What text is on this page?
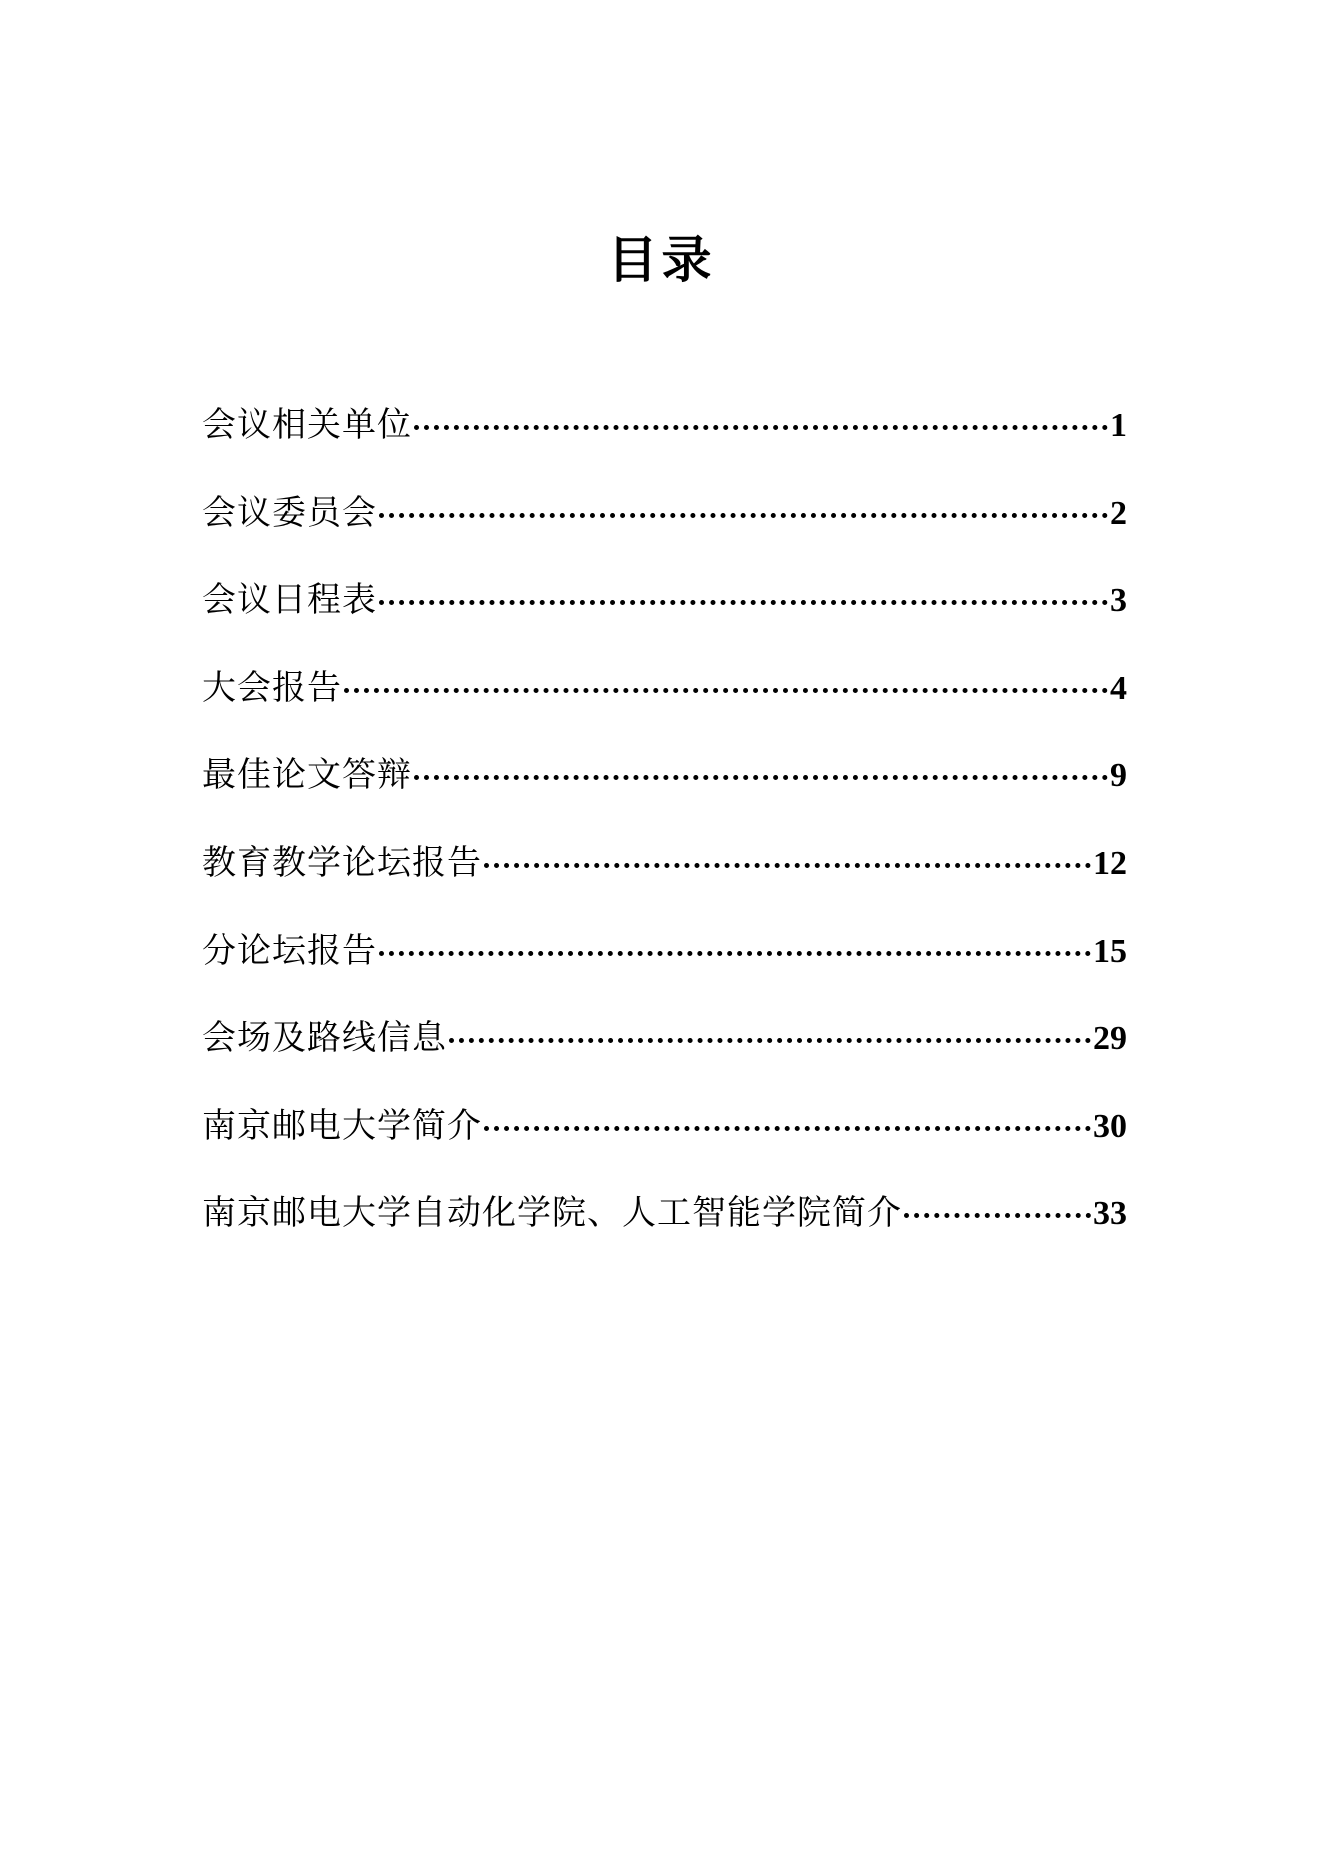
目录
会议相关单位	1
会议委员会	2
会议日程表	3
大会报告	4
最佳论文答辩	9
教育教学论坛报告	12
分论坛报告	15
会场及路线信息	29
南京邮电大学简介	30
南京邮电大学自动化学院、人工智能学院简介	33
